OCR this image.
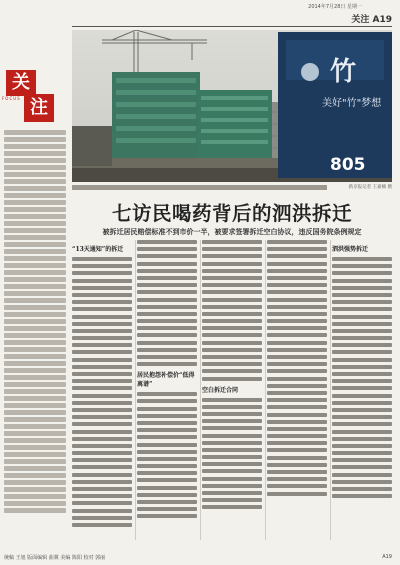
2014年7月28日 星期一
关注 A19
关
FOCUS 注
竹
美好"竹"梦想
805
新京报记者 王嘉楠 摄
七访民喝药背后的泗洪拆迁
被拆迁居民赔偿标准不到市价一半，被要求签署拆迁空白协议，违反国务院条例规定
“13天通知”的拆迁
居民抱怨补偿价“低得离谱”
空白拆迁合同
泗洪强势拆迁
统稿 王旭 版面编辑 曲翼 美编 陈阳 校对 郭丽	A19
